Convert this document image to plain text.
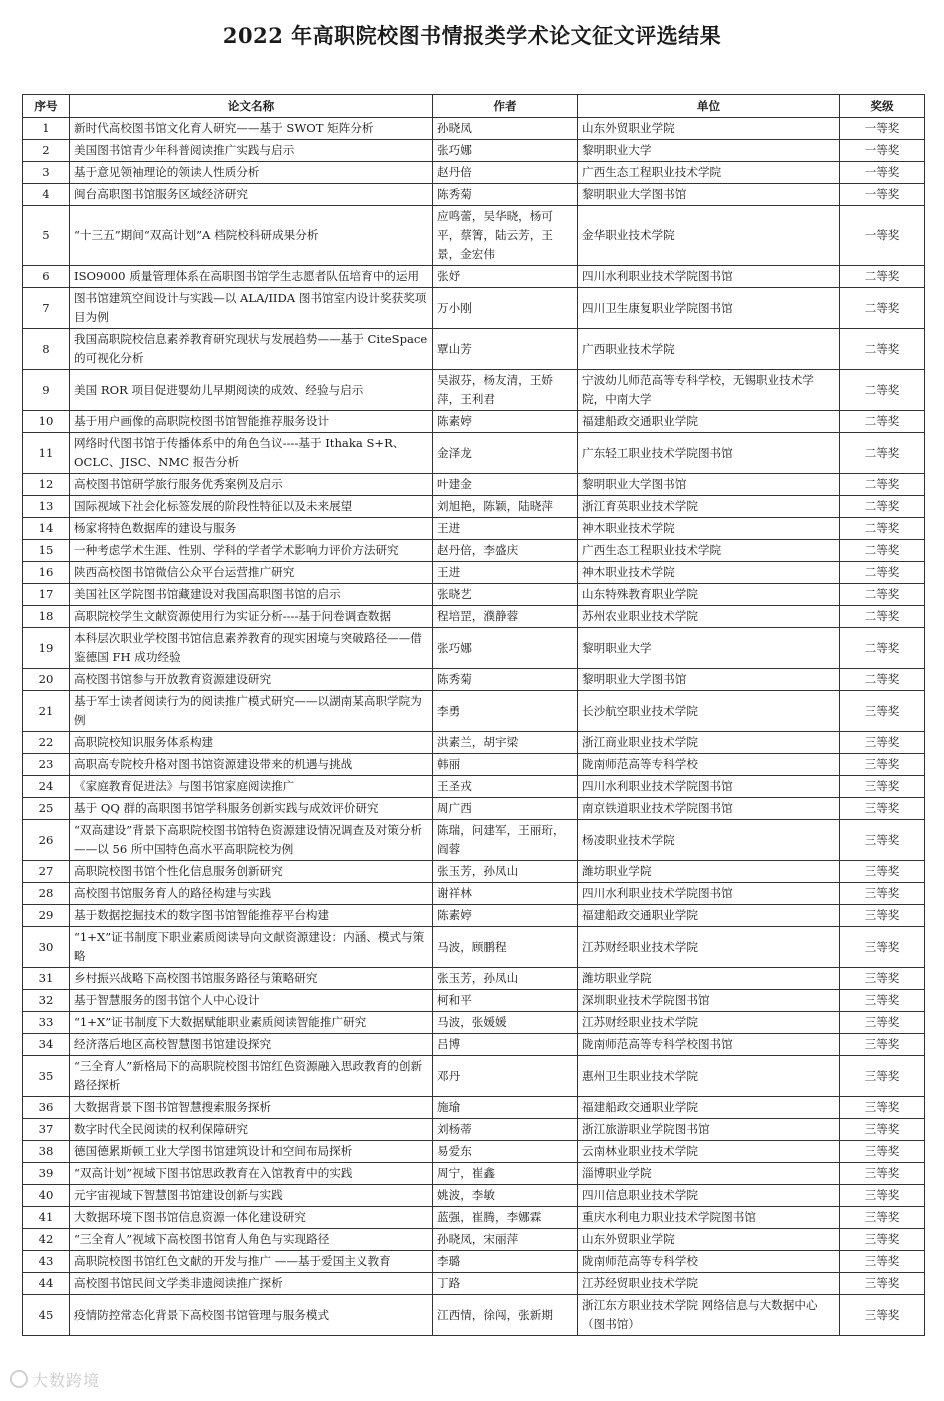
2022 年高职院校图书情报类学术论文征文评选结果
序号	论文名称	作者	单位	奖级
1	新时代高校图书馆文化育人研究——基于 SWOT 矩阵分析	孙晓凤	山东外贸职业学院	一等奖
2	美国图书馆青少年科普阅读推广实践与启示	张巧娜	黎明职业大学	一等奖
3	基于意见领袖理论的领读人性质分析	赵丹倍	广西生态工程职业技术学院	一等奖
4	闽台高职图书馆服务区域经济研究	陈秀菊	黎明职业大学图书馆	一等奖
5	“十三五”期间“双高计划”A 档院校科研成果分析	应鸣蕾，吴华晓，杨可平，蔡箐，陆云芳，王景，金宏伟	金华职业技术学院	一等奖
6	ISO9000 质量管理体系在高职图书馆学生志愿者队伍培育中的运用	张妤	四川水利职业技术学院图书馆	二等奖
7	图书馆建筑空间设计与实践—以 ALA/IIDA 图书馆室内设计奖获奖项目为例	万小刚	四川卫生康复职业学院图书馆	二等奖
8	我国高职院校信息素养教育研究现状与发展趋势——基于 CiteSpace 的可视化分析	覃山芳	广西职业技术学院	二等奖
9	美国 ROR 项目促进婴幼儿早期阅读的成效、经验与启示	吴淑芬，杨友清，王娇萍，王利君	宁波幼儿师范高等专科学校，无锡职业技术学院，中南大学	二等奖
10	基于用户画像的高职院校图书馆智能推荐服务设计	陈素婷	福建船政交通职业学院	二等奖
11	网络时代图书馆于传播体系中的角色刍议----基于 Ithaka S+R、OCLC、JISC、NMC 报告分析	金泽龙	广东轻工职业技术学院图书馆	二等奖
12	高校图书馆研学旅行服务优秀案例及启示	叶建金	黎明职业大学图书馆	二等奖
13	国际视域下社会化标签发展的阶段性特征以及未来展望	刘旭艳，陈颖，陆晓萍	浙江育英职业技术学院	二等奖
14	杨家将特色数据库的建设与服务	王进	神木职业技术学院	二等奖
15	一种考虑学术生涯、性别、学科的学者学术影响力评价方法研究	赵丹倍，李盛庆	广西生态工程职业技术学院	二等奖
16	陕西高校图书馆微信公众平台运营推广研究	王进	神木职业技术学院	二等奖
17	美国社区学院图书馆藏建设对我国高职图书馆的启示	张晓艺	山东特殊教育职业学院	二等奖
18	高职院校学生文献资源使用行为实证分析----基于问卷调查数据	程培罡，濮静蓉	苏州农业职业技术学院	二等奖
19	本科层次职业学校图书馆信息素养教育的现实困境与突破路径——借鉴德国 FH 成功经验	张巧娜	黎明职业大学	二等奖
20	高校图书馆参与开放教育资源建设研究	陈秀菊	黎明职业大学图书馆	二等奖
21	基于军士读者阅读行为的阅读推广模式研究——以湖南某高职学院为例	李勇	长沙航空职业技术学院	三等奖
22	高职院校知识服务体系构建	洪素兰，胡宇梁	浙江商业职业技术学院	三等奖
23	高职高专院校升格对图书馆资源建设带来的机遇与挑战	韩丽	陇南师范高等专科学校	三等奖
24	《家庭教育促进法》与图书馆家庭阅读推广	王圣戎	四川水利职业技术学院图书馆	三等奖
25	基于 QQ 群的高职图书馆学科服务创新实践与成效评价研究	周广西	南京铁道职业技术学院图书馆	三等奖
26	“双高建设”背景下高职院校图书馆特色资源建设情况调查及对策分析——以 56 所中国特色高水平高职院校为例	陈瑞，问建军，王丽珩，阎蓉	杨凌职业技术学院	三等奖
27	高职院校图书馆个性化信息服务创新研究	张玉芳，孙凤山	潍坊职业学院	三等奖
28	高校图书馆服务育人的路径构建与实践	谢祥林	四川水利职业技术学院图书馆	三等奖
29	基于数据挖掘技术的数字图书馆智能推荐平台构建	陈素婷	福建船政交通职业学院	三等奖
30	“1+X”证书制度下职业素质阅读导向文献资源建设：内涵、模式与策略	马波，顾鹏程	江苏财经职业技术学院	三等奖
31	乡村振兴战略下高校图书馆服务路径与策略研究	张玉芳，孙凤山	潍坊职业学院	三等奖
32	基于智慧服务的图书馆个人中心设计	柯和平	深圳职业技术学院图书馆	三等奖
33	“1+X”证书制度下大数据赋能职业素质阅读智能推广研究	马波，张媛媛	江苏财经职业技术学院	三等奖
34	经济落后地区高校智慧图书馆建设探究	吕博	陇南师范高等专科学校图书馆	三等奖
35	“三全育人”新格局下的高职院校图书馆红色资源融入思政教育的创新路径探析	邓丹	惠州卫生职业技术学院	三等奖
36	大数据背景下图书馆智慧搜索服务探析	施瑜	福建船政交通职业学院	三等奖
37	数字时代全民阅读的权利保障研究	刘杨蒂	浙江旅游职业学院图书馆	三等奖
38	德国德累斯顿工业大学图书馆建筑设计和空间布局探析	易爱东	云南林业职业技术学院	三等奖
39	“双高计划”视域下图书馆思政教育在入馆教育中的实践	周宁，崔鑫	淄博职业学院	三等奖
40	元宇宙视域下智慧图书馆建设创新与实践	姚波，李敏	四川信息职业技术学院	三等奖
41	大数据环境下图书馆信息资源一体化建设研究	蓝强，崔腾，李娜霖	重庆水利电力职业技术学院图书馆	三等奖
42	“三全育人”视域下高校图书馆育人角色与实现路径	孙晓凤，宋丽萍	山东外贸职业学院	三等奖
43	高职院校图书馆红色文献的开发与推广 ——基于爱国主义教育	李璐	陇南师范高等专科学校	三等奖
44	高校图书馆民间文学类非遗阅读推广探析	丁路	江苏经贸职业技术学院	三等奖
45	疫情防控常态化背景下高校图书馆管理与服务模式	江西情，徐闯，张新期	浙江东方职业技术学院 网络信息与大数据中心（图书馆）	三等奖
大数跨境
